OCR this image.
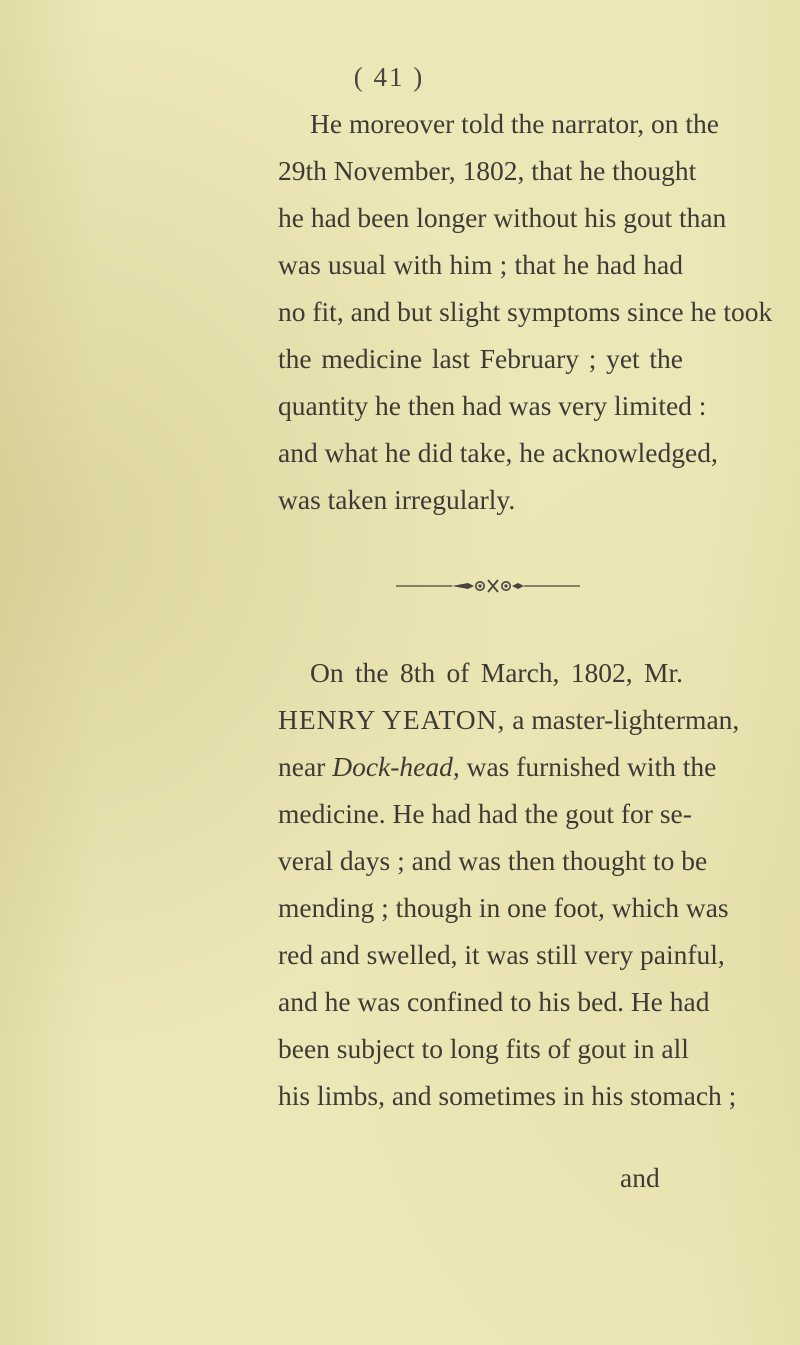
( 41 )
He moreover told the narrator, on the
29th November, 1802, that he thought
he had been longer without his gout than
was usual with him ; that he had had
no fit, and but slight symptoms since he took
the medicine last February ; yet the
quantity he then had was very limited :
and what he did take, he acknowledged,
was taken irregularly.
On the 8th of March, 1802, Mr.
HENRY YEATON, a master-lighterman,
near Dock-head, was furnished with the
medicine. He had had the gout for se-
veral days ; and was then thought to be
mending ; though in one foot, which was
red and swelled, it was still very painful,
and he was confined to his bed. He had
been subject to long fits of gout in all
his limbs, and sometimes in his stomach ;
and
